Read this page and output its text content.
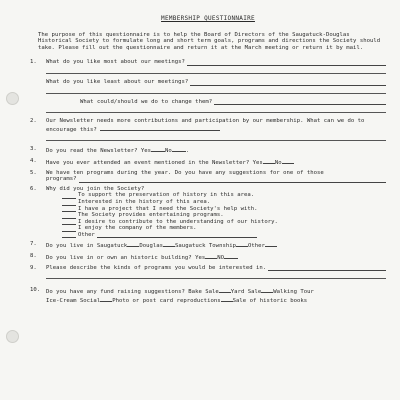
MEMBERSHIP QUESTIONNAIRE
The purpose of this questionnaire is to help the Board of Directors of the Saugatuck-Douglas Historical Society to formulate long and short term goals, programs and directions the Society should take. Please fill out the questionnaire and return it at the March meeting or return it by mail.
1.	What do you like most about our meetings?
What do you like least about our meetings?
What could/should we do to change them?
2.	Our Newsletter needs more contributions and participation by our membership. What can we do to encourage this?
3.	Do you read the Newsletter? Yes	No	.
4.	Have you ever attended an event mentioned in the Newsletter? Yes No
5.	We have ten programs during the year. Do you have any suggestions for one of those
programs?
6.	Why did you join the Society?
To support the preservation of history in this area.
Interested in the history of this area.
I have a project that I need the Society's help with.
The Society provides entertaining programs.
I desire to contribute to the understanding of our history.
I enjoy the company of the members.
Other
7.	Do you live in Saugatuck Douglas Saugatuck Township Other
8.	Do you live in or own an historic building? Yes NO
9.	Please describe the kinds of programs you would be interested in.
10.	Do you have any fund raising suggestions? Bake Sale Yard Sale Walking Tour
Ice-Cream Social Photo or post card reproductions Sale of historic books
